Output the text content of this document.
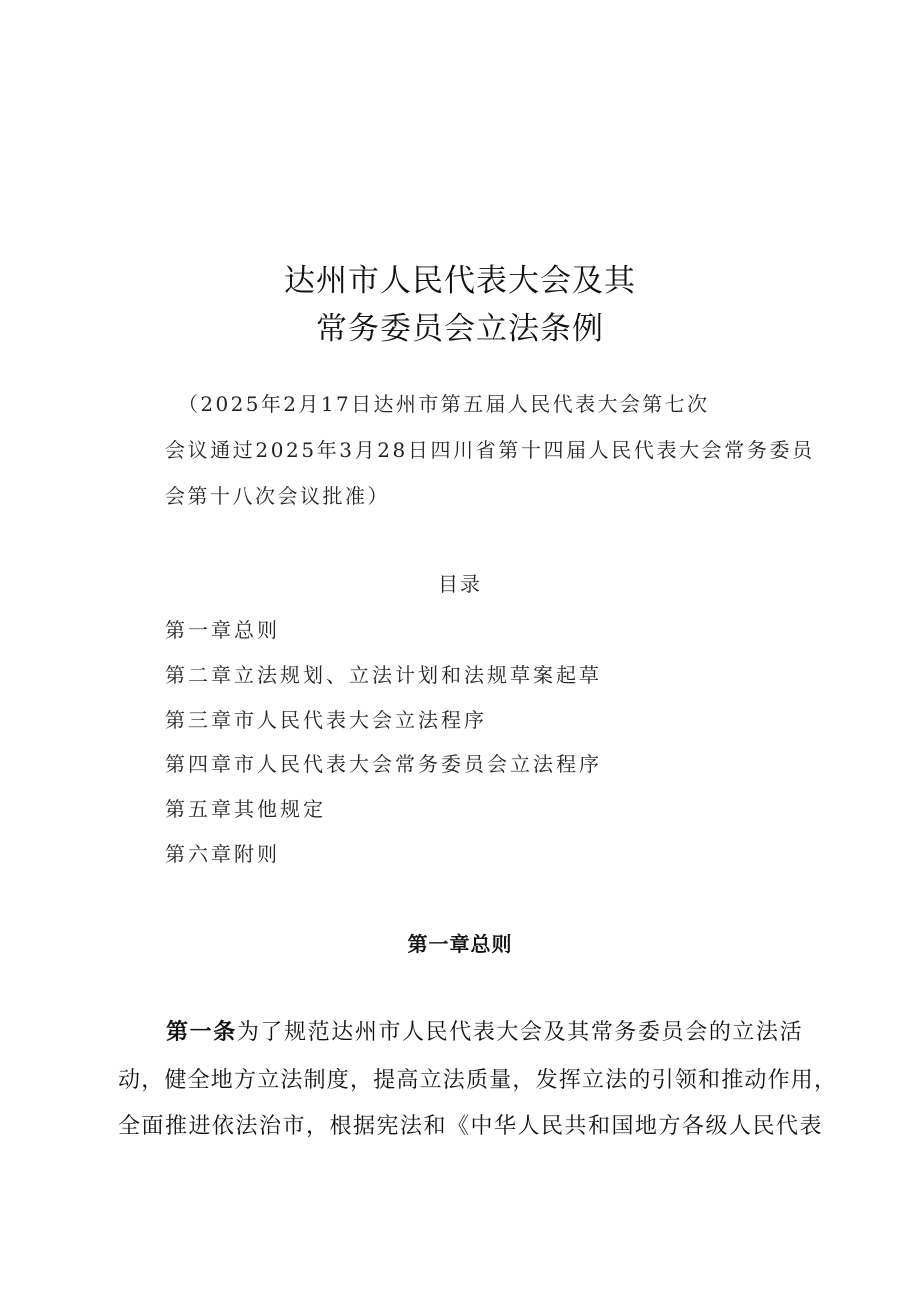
达州市人民代表大会及其
常务委员会立法条例
（2025年2月17日达州市第五届人民代表大会第七次
会议通过2025年3月28日四川省第十四届人民代表大会常务委员
会第十八次会议批准）
目录
第一章总则
第二章立法规划、立法计划和法规草案起草
第三章市人民代表大会立法程序
第四章市人民代表大会常务委员会立法程序
第五章其他规定
第六章附则
第一章总则
第一条为了规范达州市人民代表大会及其常务委员会的立法活
动，健全地方立法制度，提高立法质量，发挥立法的引领和推动作用，
全面推进依法治市，根据宪法和《中华人民共和国地方各级人民代表
